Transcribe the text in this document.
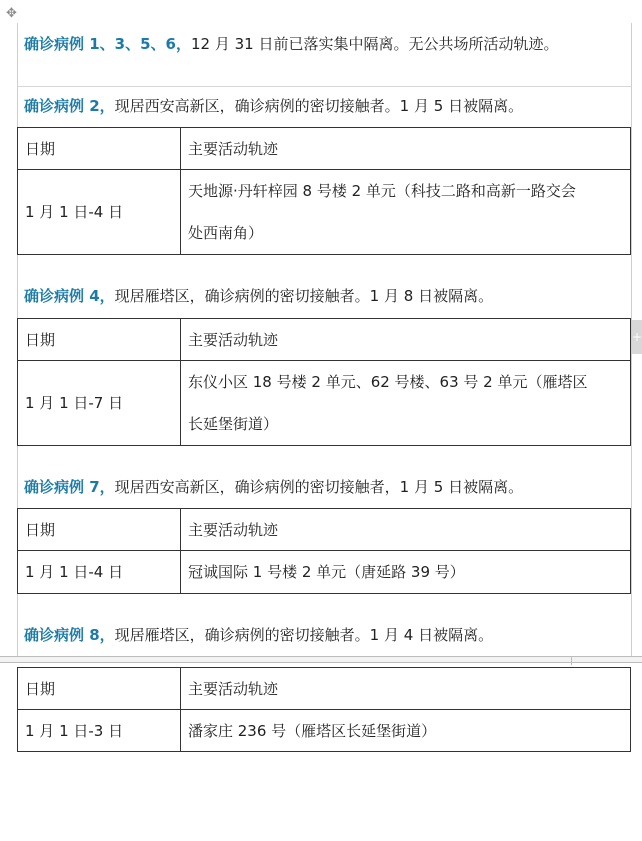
✥
+
确诊病例 1、3、5、6，12 月 31 日前已落实集中隔离。无公共场所活动轨迹。
确诊病例 2，现居西安高新区，确诊病例的密切接触者。1 月 5 日被隔离。
日期	主要活动轨迹
1 月 1 日-4 日	天地源·丹轩梓园 8 号楼 2 单元（科技二路和高新一路交会
处西南角）
确诊病例 4，现居雁塔区，确诊病例的密切接触者。1 月 8 日被隔离。
日期	主要活动轨迹
1 月 1 日-7 日	东仪小区 18 号楼 2 单元、62 号楼、63 号 2 单元（雁塔区
长延堡街道）
确诊病例 7，现居西安高新区，确诊病例的密切接触者，1 月 5 日被隔离。
日期	主要活动轨迹
1 月 1 日-4 日	冠诚国际 1 号楼 2 单元（唐延路 39 号）
确诊病例 8，现居雁塔区，确诊病例的密切接触者。1 月 4 日被隔离。
日期	主要活动轨迹
1 月 1 日-3 日	潘家庄 236 号（雁塔区长延堡街道）
